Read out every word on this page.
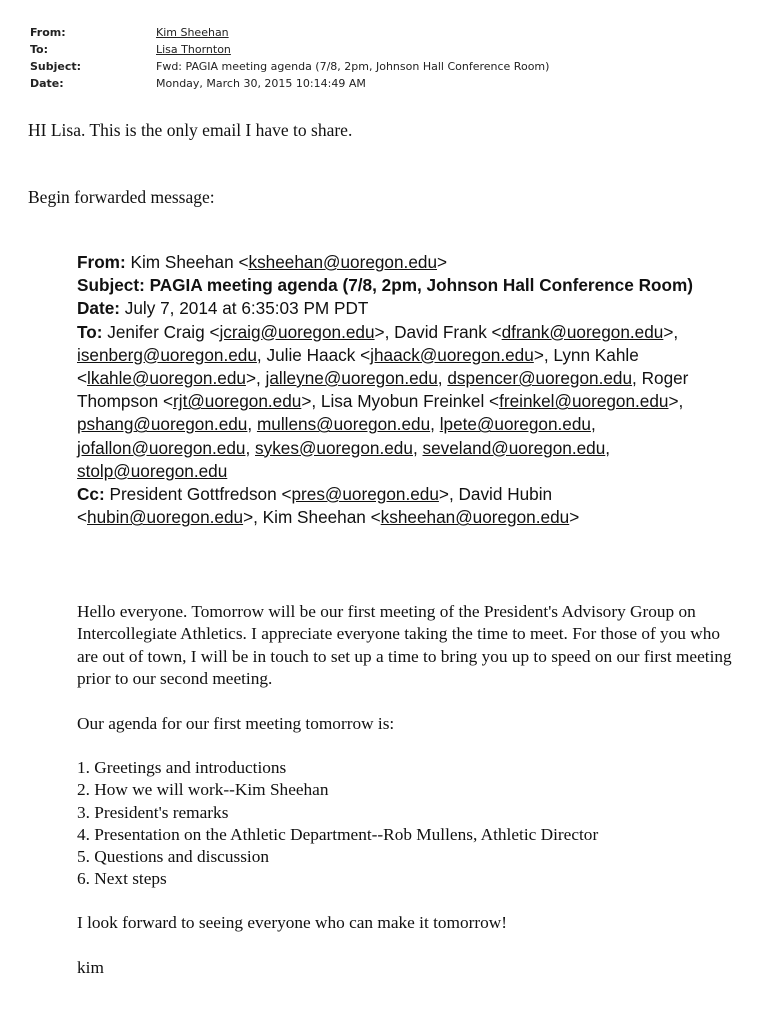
From:	Kim Sheehan
To:	Lisa Thornton
Subject:	Fwd: PAGIA meeting agenda (7/8, 2pm, Johnson Hall Conference Room)
Date:	Monday, March 30, 2015 10:14:49 AM
HI Lisa. This is the only email I have to share.
Begin forwarded message:

From: Kim Sheehan <ksheehan@uoregon.edu>

Subject: PAGIA meeting agenda (7/8, 2pm, Johnson Hall Conference Room)

Date: July 7, 2014 at 6:35:03 PM PDT

To: Jenifer Craig <jcraig@uoregon.edu>, David Frank <dfrank@uoregon.edu>, isenberg@uoregon.edu, Julie Haack <jhaack@uoregon.edu>, Lynn Kahle <lkahle@uoregon.edu>, jalleyne@uoregon.edu, dspencer@uoregon.edu, Roger Thompson <rjt@uoregon.edu>, Lisa Myobun Freinkel <freinkel@uoregon.edu>, pshang@uoregon.edu, mullens@uoregon.edu, lpete@uoregon.edu, jofallon@uoregon.edu, sykes@uoregon.edu, seveland@uoregon.edu, stolp@uoregon.edu

Cc: President Gottfredson <pres@uoregon.edu>, David Hubin <hubin@uoregon.edu>, Kim Sheehan <ksheehan@uoregon.edu>

Hello everyone. Tomorrow will be our first meeting of the President's Advisory Group on Intercollegiate Athletics. I appreciate everyone taking the time to meet. For those of you who are out of town, I will be in touch to set up a time to bring you up to speed on our first meeting prior to our second meeting.

Our agenda for our first meeting tomorrow is:

1. Greetings and introductions
2. How we will work--Kim Sheehan
3. President's remarks
4. Presentation on the Athletic Department--Rob Mullens, Athletic Director
5. Questions and discussion
6. Next steps
I look forward to seeing everyone who can make it tomorrow!
kim
